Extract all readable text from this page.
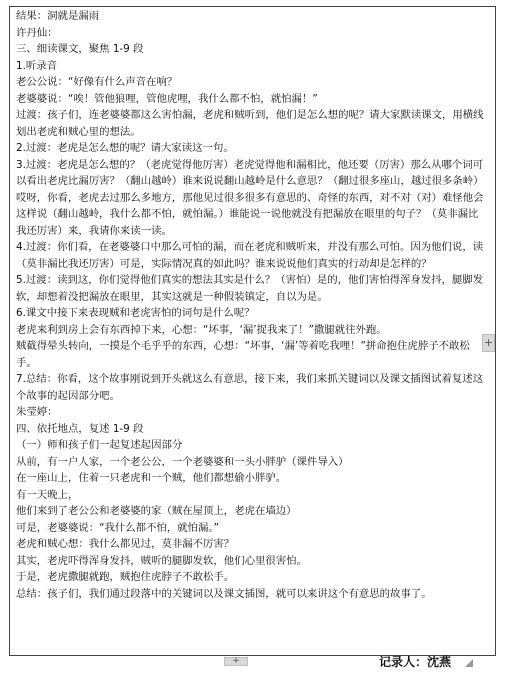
结果：洞就是漏雨
许丹仙：
三、细读课文，聚焦 1-9 段
1.听录音
老公公说：“好像有什么声音在响？
老婆婆说：“唉！管他狼哩，管他虎哩，我什么都不怕，就怕漏！”
过渡：孩子们，连老婆婆都这么害怕漏，老虎和贼听到，他们是怎么想的呢？请大家默读课文，用横线划出老虎和贼心里的想法。
2.过渡：老虎是怎么想的呢？请大家读这一句。
3.过渡：老虎是怎么想的？（老虎觉得他厉害）老虎觉得他和漏相比，他还要（厉害）那么从哪个词可以看出老虎比漏厉害？（翻山越岭）谁来说说翻山越岭是什么意思？（翻过很多座山，越过很多条岭）哎呀，你看，老虎去过那么多地方，那他见过很多很多有意思的、奇怪的东西，对不对（对）难怪他会这样说（翻山越岭，我什么都不怕，就怕漏。）谁能说一说他就没有把漏放在眼里的句子？（莫非漏比我还厉害）来，我请你来读一读。
4.过渡：你们看，在老婆婆口中那么可怕的漏，而在老虎和贼听来，并没有那么可怕。因为他们说，读（莫非漏比我还厉害）可是，实际情况真的如此吗？谁来说说他们真实的行动却是怎样的？
5.过渡：读到这，你们觉得他们真实的想法其实是什么？（害怕）是的，他们害怕得浑身发抖，腿脚发软，却想着没把漏放在眼里，其实这就是一种假装镇定，自以为是。
6.课文中接下来表现贼和老虎害怕的词句是什么呢？
老虎来利到房上会有东西掉下来，心想：“坏事，‘漏’捉我来了！”撒腿就往外跑。
贼截得晕头转向，一摸是个毛乎乎的东西，心想：“坏事，‘漏’等着吃我哩！”拼命抱住虎脖子不敢松手。
7.总结：你看，这个故事刚说到开头就这么有意思，接下来，我们来抓关键词以及课文插图试着复述这个故事的起因部分吧。
朱莹婷：
四、依托地点，复述 1-9 段
（一）师和孩子们一起复述起因部分
从前，有一户人家，一个老公公，一个老婆婆和一头小胖驴（课件导入）
在一座山上，住着一只老虎和一个贼，他们都想偷小胖驴。
有一天晚上，
他们来到了老公公和老婆婆的家（贼在屋顶上，老虎在墙边）
可是，老婆婆说：“我什么都不怕，就怕漏。”
老虎和贼心想：我什么都见过，莫非漏不厉害？
其实，老虎吓得浑身发抖，贼听的腿脚发软，他们心里很害怕。
于是，老虎撒腿就跑，贼抱住虎脖子不敢松手。
总结：孩子们，我们通过段落中的关键词以及课文插图，就可以来讲这个有意思的故事了。
+
+	记录人：沈燕
